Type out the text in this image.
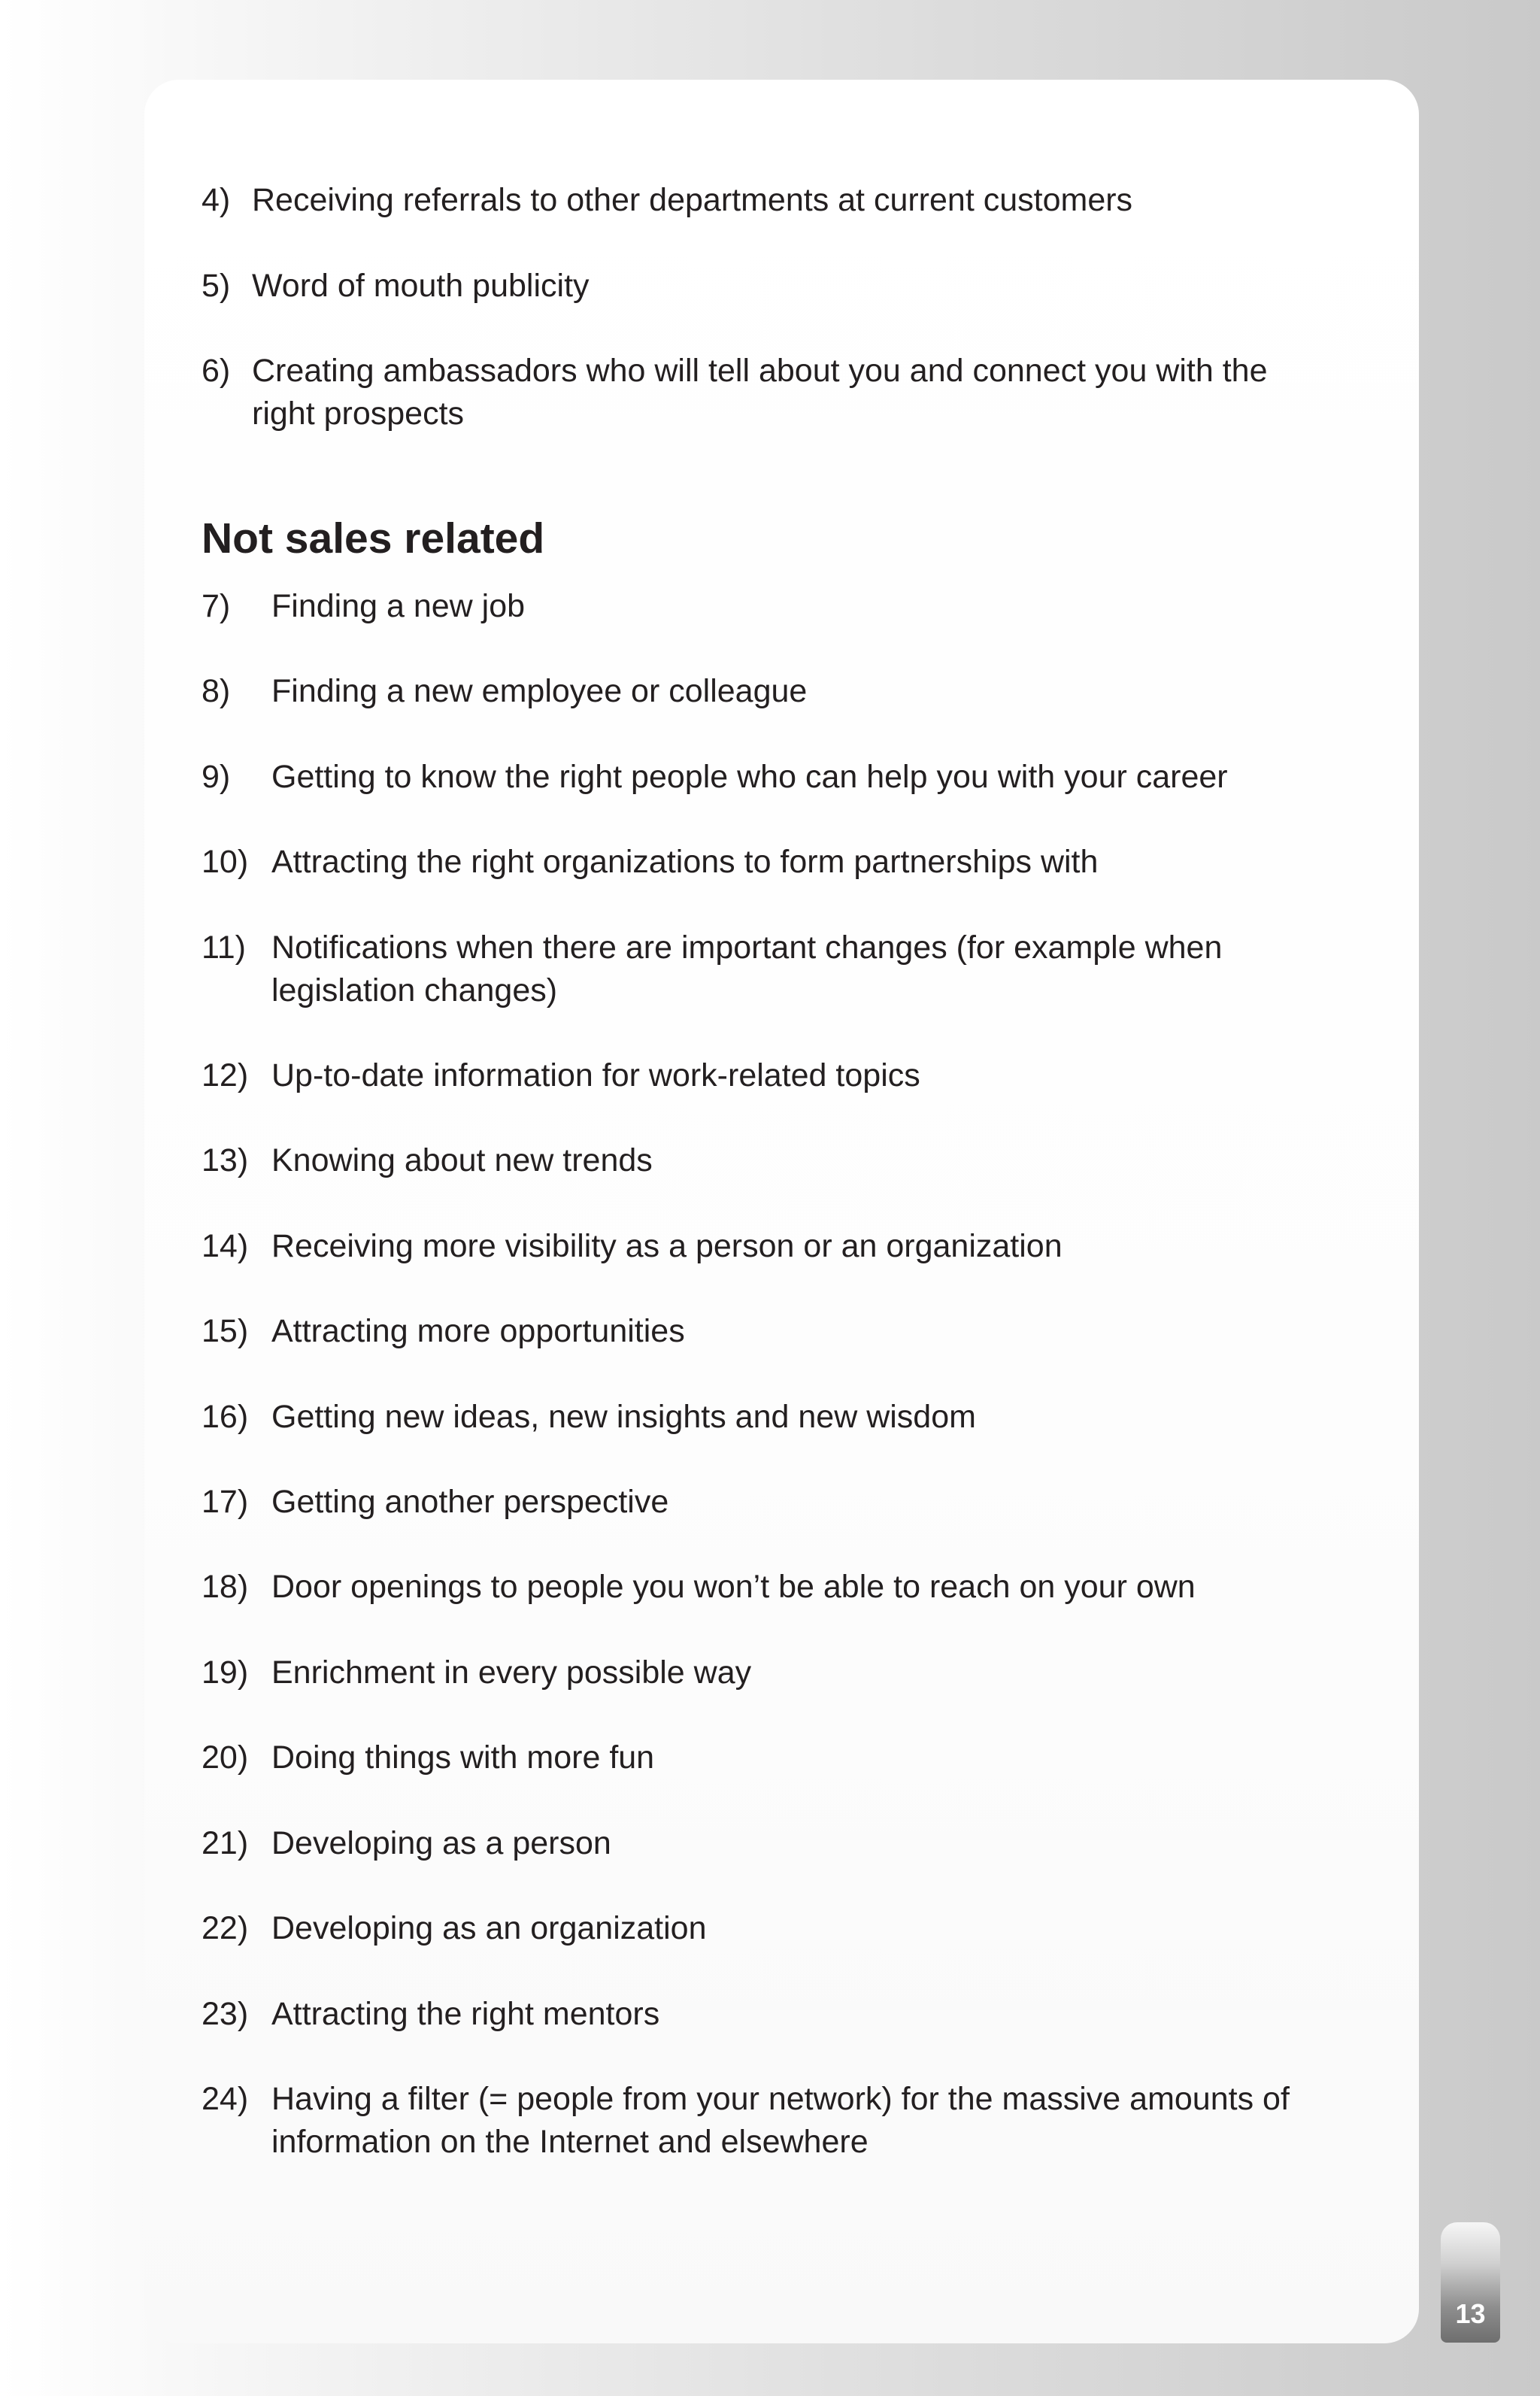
4) Receiving referrals to other departments at current customers
5) Word of mouth publicity
6) Creating ambassadors who will tell about you and connect you with the
right prospects
Not sales related
7) Finding a new job
8) Finding a new employee or colleague
9) Getting to know the right people who can help you with your career
10) Attracting the right organizations to form partnerships with
11) Notifications when there are important changes (for example when
legislation changes)
12) Up-to-date information for work-related topics
13) Knowing about new trends
14) Receiving more visibility as a person or an organization
15) Attracting more opportunities
16) Getting new ideas, new insights and new wisdom
17) Getting another perspective
18) Door openings to people you won’t be able to reach on your own
19) Enrichment in every possible way
20) Doing things with more fun
21) Developing as a person
22) Developing as an organization
23) Attracting the right mentors
24) Having a filter (= people from your network) for the massive amounts of
information on the Internet and elsewhere
13
